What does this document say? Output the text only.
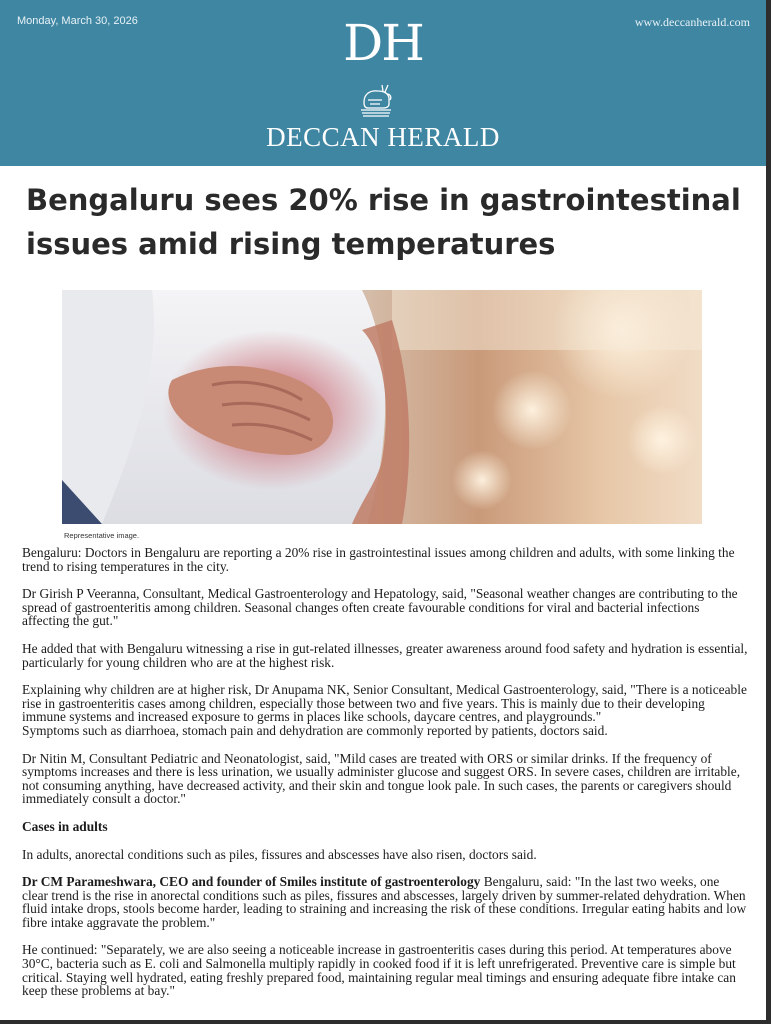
Monday, March 30, 2026	www.deccanherald.com
DH
DECCAN HERALD
Bengaluru sees 20% rise in gastrointestinal issues amid rising temperatures
Representative image.

Bengaluru: Doctors in Bengaluru are reporting a 20% rise in gastrointestinal issues among children and adults, with some linking the trend to rising temperatures in the city.

Dr Girish P Veeranna, Consultant, Medical Gastroenterology and Hepatology, said, "Seasonal weather changes are contributing to the spread of gastroenteritis among children. Seasonal changes often create favourable conditions for viral and bacterial infections affecting the gut."

He added that with Bengaluru witnessing a rise in gut-related illnesses, greater awareness around food safety and hydration is essential, particularly for young children who are at the highest risk.

Explaining why children are at higher risk, Dr Anupama NK, Senior Consultant, Medical Gastroenterology, said, "There is a noticeable rise in gastroenteritis cases among children, especially those between two and five years. This is mainly due to their developing immune systems and increased exposure to germs in places like schools, daycare centres, and playgrounds."

Symptoms such as diarrhoea, stomach pain and dehydration are commonly reported by patients, doctors said.

Dr Nitin M, Consultant Pediatric and Neonatologist, said, "Mild cases are treated with ORS or similar drinks. If the frequency of symptoms increases and there is less urination, we usually administer glucose and suggest ORS. In severe cases, children are irritable, not consuming anything, have decreased activity, and their skin and tongue look pale. In such cases, the parents or caregivers should immediately consult a doctor."

Cases in adults

In adults, anorectal conditions such as piles, fissures and abscesses have also risen, doctors said.

Dr CM Parameshwara, CEO and founder of Smiles institute of gastroenterology Bengaluru, said: "In the last two weeks, one clear trend is the rise in anorectal conditions such as piles, fissures and abscesses, largely driven by summer-related dehydration. When fluid intake drops, stools become harder, leading to straining and increasing the risk of these conditions. Irregular eating habits and low fibre intake aggravate the problem."

He continued: "Separately, we are also seeing a noticeable increase in gastroenteritis cases during this period. At temperatures above 30°C, bacteria such as E. coli and Salmonella multiply rapidly in cooked food if it is left unrefrigerated. Preventive care is simple but critical. Staying well hydrated, eating freshly prepared food, maintaining regular meal timings and ensuring adequate fibre intake can keep these problems at bay."
